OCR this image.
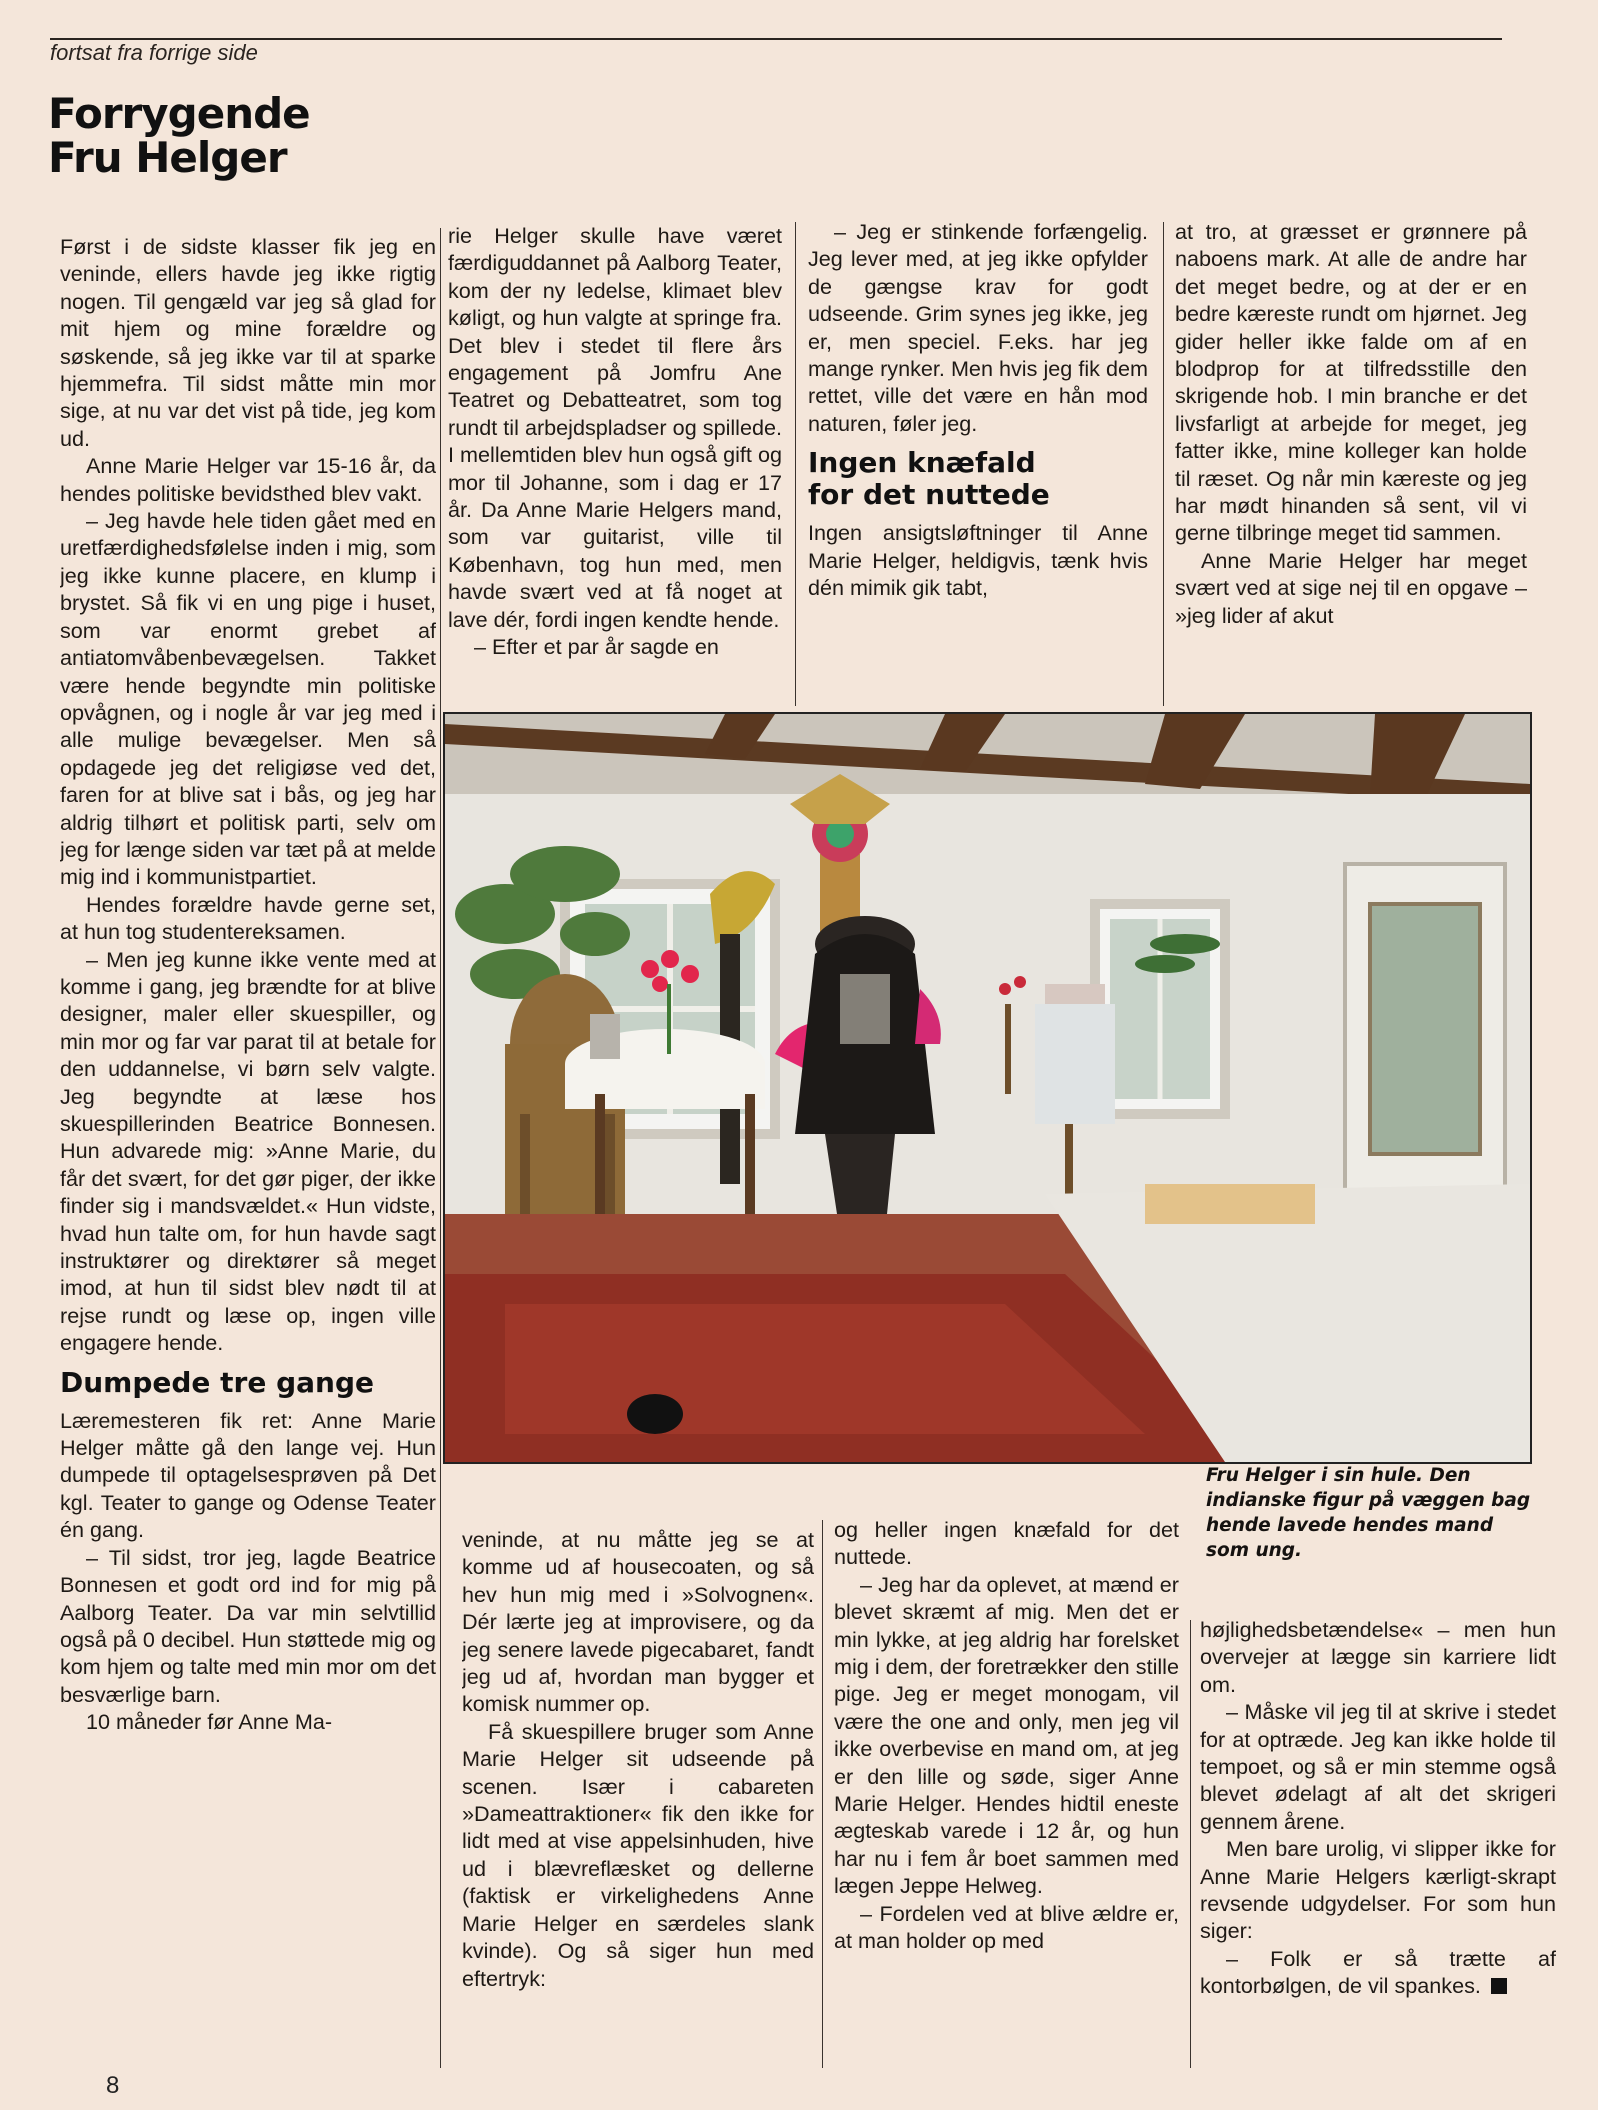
fortsat fra forrige side
Forrygende
Fru Helger

Først i de sidste klasser fik jeg en veninde, ellers havde jeg ikke rigtig nogen. Til gengæld var jeg så glad for mit hjem og mine forældre og søskende, så jeg ikke var til at sparke hjemmefra. Til sidst måtte min mor sige, at nu var det vist på tide, jeg kom ud.

Anne Marie Helger var 15-16 år, da hendes politiske bevidsthed blev vakt.

– Jeg havde hele tiden gået med en uretfærdighedsfølelse inden i mig, som jeg ikke kunne placere, en klump i brystet. Så fik vi en ung pige i huset, som var enormt grebet af antiatomvåbenbevægelsen. Takket være hende begyndte min politiske opvågnen, og i nogle år var jeg med i alle mulige bevægelser. Men så opdagede jeg det religiøse ved det, faren for at blive sat i bås, og jeg har aldrig tilhørt et politisk parti, selv om jeg for længe siden var tæt på at melde mig ind i kommunistpartiet.

Hendes forældre havde gerne set, at hun tog studentereksamen.

– Men jeg kunne ikke vente med at komme i gang, jeg brændte for at blive designer, maler eller skuespiller, og min mor og far var parat til at betale for den uddannelse, vi børn selv valgte. Jeg begyndte at læse hos skuespillerinden Beatrice Bonnesen. Hun advarede mig: »Anne Marie, du får det svært, for det gør piger, der ikke finder sig i mandsvældet.« Hun vidste, hvad hun talte om, for hun havde sagt instruktører og direktører så meget imod, at hun til sidst blev nødt til at rejse rundt og læse op, ingen ville engagere hende.

Dumpede tre gange

Læremesteren fik ret: Anne Marie Helger måtte gå den lange vej. Hun dumpede til optagelsesprøven på Det kgl. Teater to gange og Odense Teater én gang.

– Til sidst, tror jeg, lagde Beatrice Bonnesen et godt ord ind for mig på Aalborg Teater. Da var min selvtillid også på 0 decibel. Hun støttede mig og kom hjem og talte med min mor om det besværlige barn.

10 måneder før Anne Ma-

rie Helger skulle have været færdiguddannet på Aalborg Teater, kom der ny ledelse, klimaet blev køligt, og hun valgte at springe fra. Det blev i stedet til flere års engagement på Jomfru Ane Teatret og Debatteatret, som tog rundt til arbejdspladser og spillede. I mellemtiden blev hun også gift og mor til Johanne, som i dag er 17 år. Da Anne Marie Helgers mand, som var guitarist, ville til København, tog hun med, men havde svært ved at få noget at lave dér, fordi ingen kendte hende.

– Efter et par år sagde en

– Jeg er stinkende forfængelig. Jeg lever med, at jeg ikke opfylder de gængse krav for godt udseende. Grim synes jeg ikke, jeg er, men speciel. F.eks. har jeg mange rynker. Men hvis jeg fik dem rettet, ville det være en hån mod naturen, føler jeg.

Ingen knæfald for det nuttede

Ingen ansigtsløftninger til Anne Marie Helger, heldigvis, tænk hvis dén mimik gik tabt,

at tro, at græsset er grønnere på naboens mark. At alle de andre har det meget bedre, og at der er en bedre kæreste rundt om hjørnet. Jeg gider heller ikke falde om af en blodprop for at tilfredsstille den skrigende hob. I min branche er det livsfarligt at arbejde for meget, jeg fatter ikke, mine kolleger kan holde til ræset. Og når min kæreste og jeg har mødt hinanden så sent, vil vi gerne tilbringe meget tid sammen.

Anne Marie Helger har meget svært ved at sige nej til en opgave – »jeg lider af akut

Fru Helger i sin hule. Den indianske figur på væggen bag hende lavede hendes mand som ung.

veninde, at nu måtte jeg se at komme ud af housecoaten, og så hev hun mig med i »Solvognen«. Dér lærte jeg at improvisere, og da jeg senere lavede pigecabaret, fandt jeg ud af, hvordan man bygger et komisk nummer op.

Få skuespillere bruger som Anne Marie Helger sit udseende på scenen. Især i cabareten »Dameattraktioner« fik den ikke for lidt med at vise appelsinhuden, hive ud i blævreflæsket og dellerne (faktisk er virkelighedens Anne Marie Helger en særdeles slank kvinde). Og så siger hun med eftertryk:

og heller ingen knæfald for det nuttede.

– Jeg har da oplevet, at mænd er blevet skræmt af mig. Men det er min lykke, at jeg aldrig har forelsket mig i dem, der foretrækker den stille pige. Jeg er meget monogam, vil være the one and only, men jeg vil ikke overbevise en mand om, at jeg er den lille og søde, siger Anne Marie Helger. Hendes hidtil eneste ægteskab varede i 12 år, og hun har nu i fem år boet sammen med lægen Jeppe Helweg.

– Fordelen ved at blive ældre er, at man holder op med

højlighedsbetændelse« – men hun overvejer at lægge sin karriere lidt om.

– Måske vil jeg til at skrive i stedet for at optræde. Jeg kan ikke holde til tempoet, og så er min stemme også blevet ødelagt af alt det skrigeri gennem årene.

Men bare urolig, vi slipper ikke for Anne Marie Helgers kærligt-skrapt revsende udgydelser. For som hun siger:

– Folk er så trætte af kontorbølgen, de vil spankes.

8
